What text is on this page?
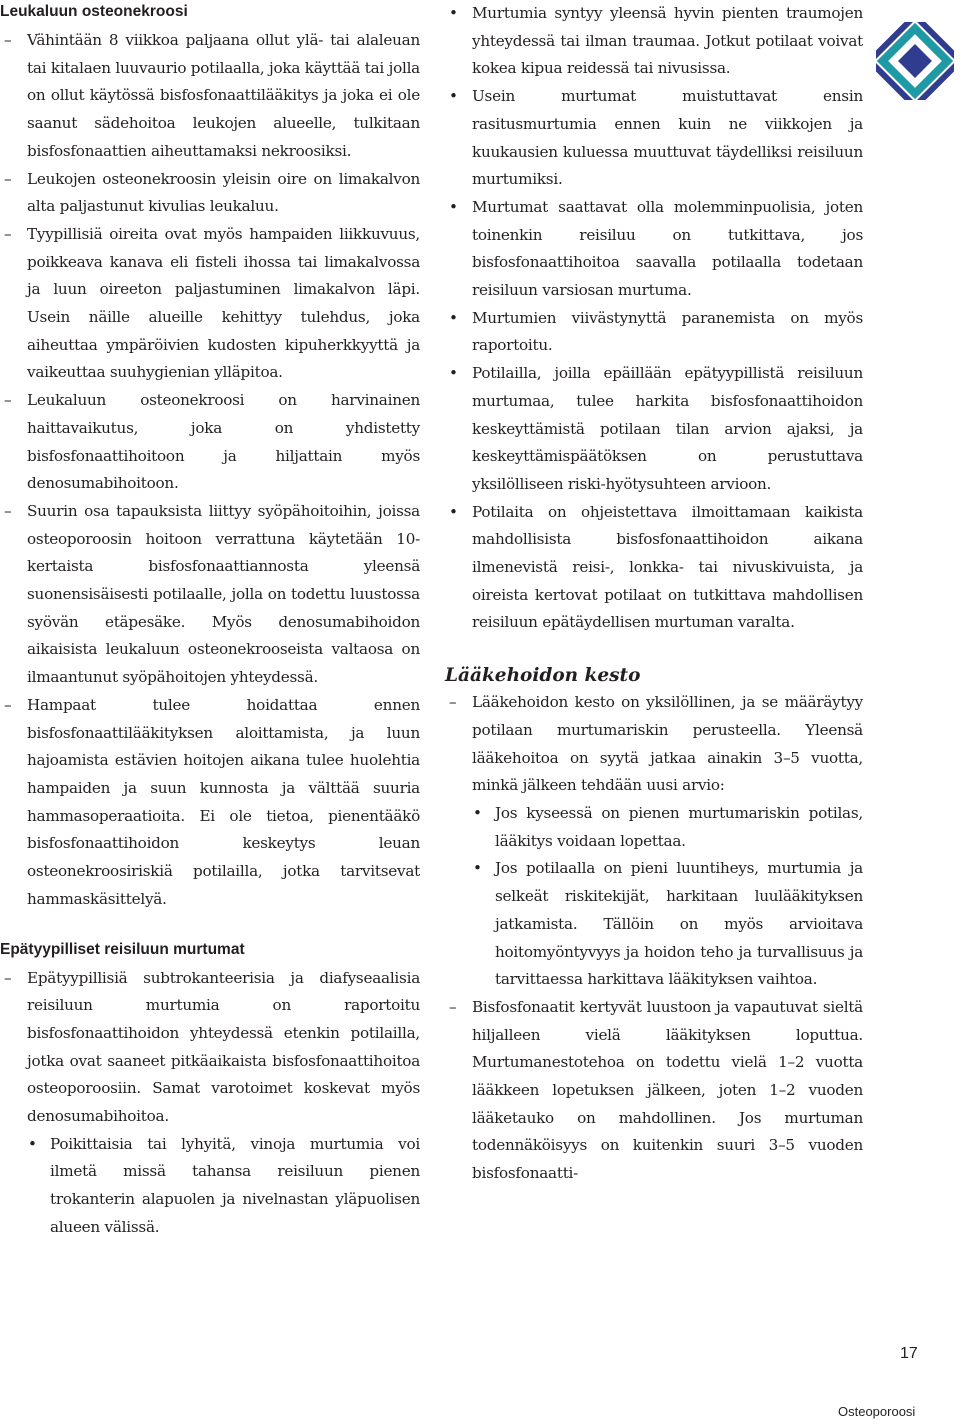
Leukaluun osteonekroosi
– Vähintään 8 viikkoa paljaana ollut ylä- tai alaleuan tai kitalaen luuvaurio potilaalla, joka käyttää tai jolla on ollut käytössä bisfosfonaattilääkitys ja joka ei ole saanut sädehoitoa leukojen alueelle, tulkitaan bisfosfonaattien aiheuttamaksi nekroosiksi.
– Leukojen osteonekroosin yleisin oire on limakalvon alta paljastunut kivulias leukaluu.
– Tyypillisiä oireita ovat myös hampaiden liikkuvuus, poikkeava kanava eli fisteli ihossa tai limakalvossa ja luun oireeton paljastuminen limakalvon läpi. Usein näille alueille kehittyy tulehdus, joka aiheuttaa ympäröivien kudosten kipuherkkyyttä ja vaikeuttaa suuhygienian ylläpitoa.
– Leukaluun osteonekroosi on harvinainen haittavaikutus, joka on yhdistetty bisfosfonaattihoitoon ja hiljattain myös denosumabihoitoon.
– Suurin osa tapauksista liittyy syöpähoitoihin, joissa osteoporoosin hoitoon verrattuna käytetään 10-kertaista bisfosfonaattiannosta yleensä suonensisäisesti potilaalle, jolla on todettu luustossa syövän etäpesäke. Myös denosumabihoidon aikaisista leukaluun osteonekrooseista valtaosa on ilmaantunut syöpähoitojen yhteydessä.
– Hampaat tulee hoidattaa ennen bisfosfonaattilääkityksen aloittamista, ja luun hajoamista estävien hoitojen aikana tulee huolehtia hampaiden ja suun kunnosta ja välttää suuria hammasoperaatioita. Ei ole tietoa, pienentääkö bisfosfonaattihoidon keskeytys leuan osteonekroosiriskiä potilailla, jotka tarvitsevat hammaskäsittelyä.
Epätyypilliset reisiluun murtumat
– Epätyypillisiä subtrokanteerisia ja diafyseaalisia reisiluun murtumia on raportoitu bisfosfonaattihoidon yhteydessä etenkin potilailla, jotka ovat saaneet pitkäaikaista bisfosfonaattihoitoa osteoporoosiin. Samat varotoimet koskevat myös denosumabihoitoa.
• Poikittaisia tai lyhyitä, vinoja murtumia voi ilmetä missä tahansa reisiluun pienen trokanterin alapuolen ja nivelnastan yläpuolisen alueen välissä.
• Murtumia syntyy yleensä hyvin pienten traumojen yhteydessä tai ilman traumaa. Jotkut potilaat voivat kokea kipua reidessä tai nivusissa.
• Usein murtumat muistuttavat ensin rasitusmurtumia ennen kuin ne viikkojen ja kuukausien kuluessa muuttuvat täydelliksi reisiluun murtumiksi.
• Murtumat saattavat olla molemminpuolisia, joten toinenkin reisiluu on tutkittava, jos bisfosfonaattihoitoa saavalla potilaalla todetaan reisiluun varsiosan murtuma.
• Murtumien viivästynyttä paranemista on myös raportoitu.
• Potilailla, joilla epäillään epätyypillistä reisiluun murtumaa, tulee harkita bisfosfonaattihoidon keskeyttämistä potilaan tilan arvion ajaksi, ja keskeyttämispäätöksen on perustuttava yksilölliseen riski-hyötysuhteen arvioon.
• Potilaita on ohjeistettava ilmoittamaan kaikista mahdollisista bisfosfonaattihoidon aikana ilmenevistä reisi-, lonkka- tai nivuskivuista, ja oireista kertovat potilaat on tutkittava mahdollisen reisiluun epätäydellisen murtuman varalta.
Lääkehoidon kesto
– Lääkehoidon kesto on yksilöllinen, ja se määräytyy potilaan murtumariskin perusteella. Yleensä lääkehoitoa on syytä jatkaa ainakin 3–5 vuotta, minkä jälkeen tehdään uusi arvio:
• Jos kyseessä on pienen murtumariskin potilas, lääkitys voidaan lopettaa.
• Jos potilaalla on pieni luuntiheys, murtumia ja selkeät riskitekijät, harkitaan luulääkityksen jatkamista. Tällöin on myös arvioitava hoitomyöntyvyys ja hoidon teho ja turvallisuus ja tarvittaessa harkittava lääkityksen vaihtoa.
– Bisfosfonaatit kertyvät luustoon ja vapautuvat sieltä hiljalleen vielä lääkityksen loputtua. Murtumanestotehoa on todettu vielä 1–2 vuotta lääkkeen lopetuksen jälkeen, joten 1–2 vuoden lääketauko on mahdollinen. Jos murtuman todennäköisyys on kuitenkin suuri 3–5 vuoden bisfosfonaatti-
17
Osteoporoosi
